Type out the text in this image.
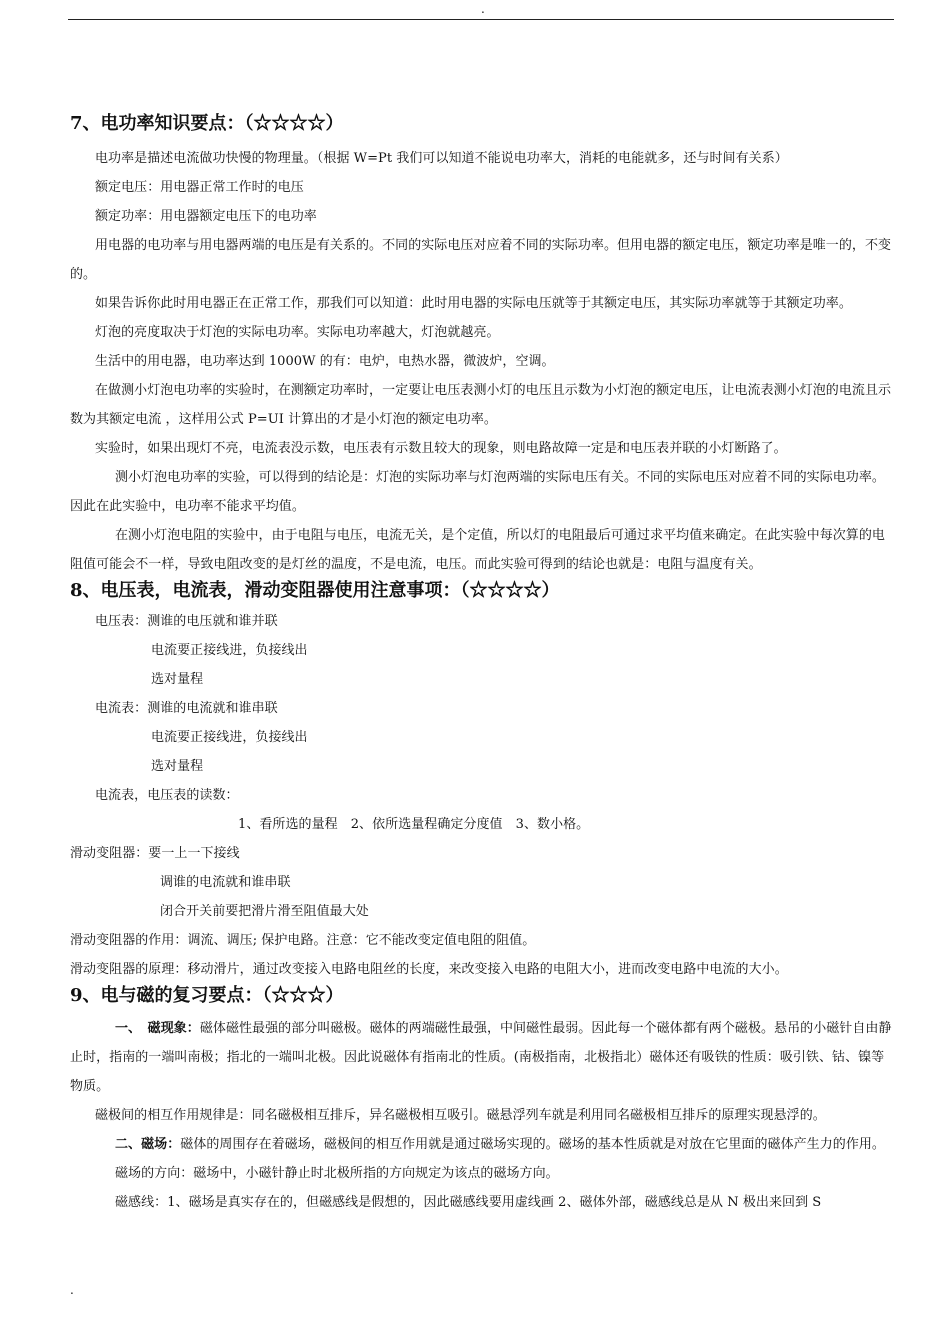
.
7、电功率知识要点：（☆☆☆☆）

电功率是描述电流做功快慢的物理量。（根据 W=Pt 我们可以知道不能说电功率大，消耗的电能就多，还与时间有关系）

额定电压：用电器正常工作时的电压

额定功率：用电器额定电压下的电功率

用电器的电功率与用电器两端的电压是有关系的。不同的实际电压对应着不同的实际功率。但用电器的额定电压，额定功率是唯一的，不变的。

如果告诉你此时用电器正在正常工作，那我们可以知道：此时用电器的实际电压就等于其额定电压，其实际功率就等于其额定功率。

灯泡的亮度取决于灯泡的实际电功率。实际电功率越大，灯泡就越亮。

生活中的用电器，电功率达到 1000W 的有：电炉，电热水器，微波炉，空调。

在做测小灯泡电功率的实验时，在测额定功率时，一定要让电压表测小灯的电压且示数为小灯泡的额定电压，让电流表测小灯泡的电流且示数为其额定电流 ，这样用公式 P=UI 计算出的才是小灯泡的额定电功率。

实验时，如果出现灯不亮，电流表没示数，电压表有示数且较大的现象，则电路故障一定是和电压表并联的小灯断路了。

测小灯泡电功率的实验，可以得到的结论是：灯泡的实际功率与灯泡两端的实际电压有关。不同的实际电压对应着不同的实际电功率。因此在此实验中，电功率不能求平均值。

在测小灯泡电阻的实验中，由于电阻与电压，电流无关，是个定值，所以灯的电阻最后可通过求平均值来确定。在此实验中每次算的电阻值可能会不一样，导致电阻改变的是灯丝的温度，不是电流，电压。而此实验可得到的结论也就是：电阻与温度有关。

8、电压表，电流表，滑动变阻器使用注意事项：（☆☆☆☆）

电压表：测谁的电压就和谁并联

电流要正接线进，负接线出

选对量程

电流表：测谁的电流就和谁串联

电流要正接线进，负接线出

选对量程

电流表，电压表的读数：

1、看所选的量程　2、依所选量程确定分度值　3、数小格。

滑动变阻器：要一上一下接线

调谁的电流就和谁串联

闭合开关前要把滑片滑至阻值最大处

滑动变阻器的作用：调流、调压; 保护电路。注意：它不能改变定值电阻的阻值。

滑动变阻器的原理：移动滑片，通过改变接入电路电阻丝的长度，来改变接入电路的电阻大小，进而改变电路中电流的大小。

9、电与磁的复习要点：（☆☆☆）

一、　磁现象：磁体磁性最强的部分叫磁极。磁体的两端磁性最强，中间磁性最弱。因此每一个磁体都有两个磁极。悬吊的小磁针自由静止时，指南的一端叫南极；指北的一端叫北极。因此说磁体有指南北的性质。(南极指南，北极指北）磁体还有吸铁的性质：吸引铁、钴、镍等物质。

磁极间的相互作用规律是：同名磁极相互排斥，异名磁极相互吸引。磁悬浮列车就是利用同名磁极相互排斥的原理实现悬浮的。

二、磁场：磁体的周围存在着磁场，磁极间的相互作用就是通过磁场实现的。磁场的基本性质就是对放在它里面的磁体产生力的作用。

磁场的方向：磁场中，小磁针静止时北极所指的方向规定为该点的磁场方向。

磁感线：1、磁场是真实存在的，但磁感线是假想的，因此磁感线要用虚线画 2、磁体外部，磁感线总是从 N 极出来回到 S

.
